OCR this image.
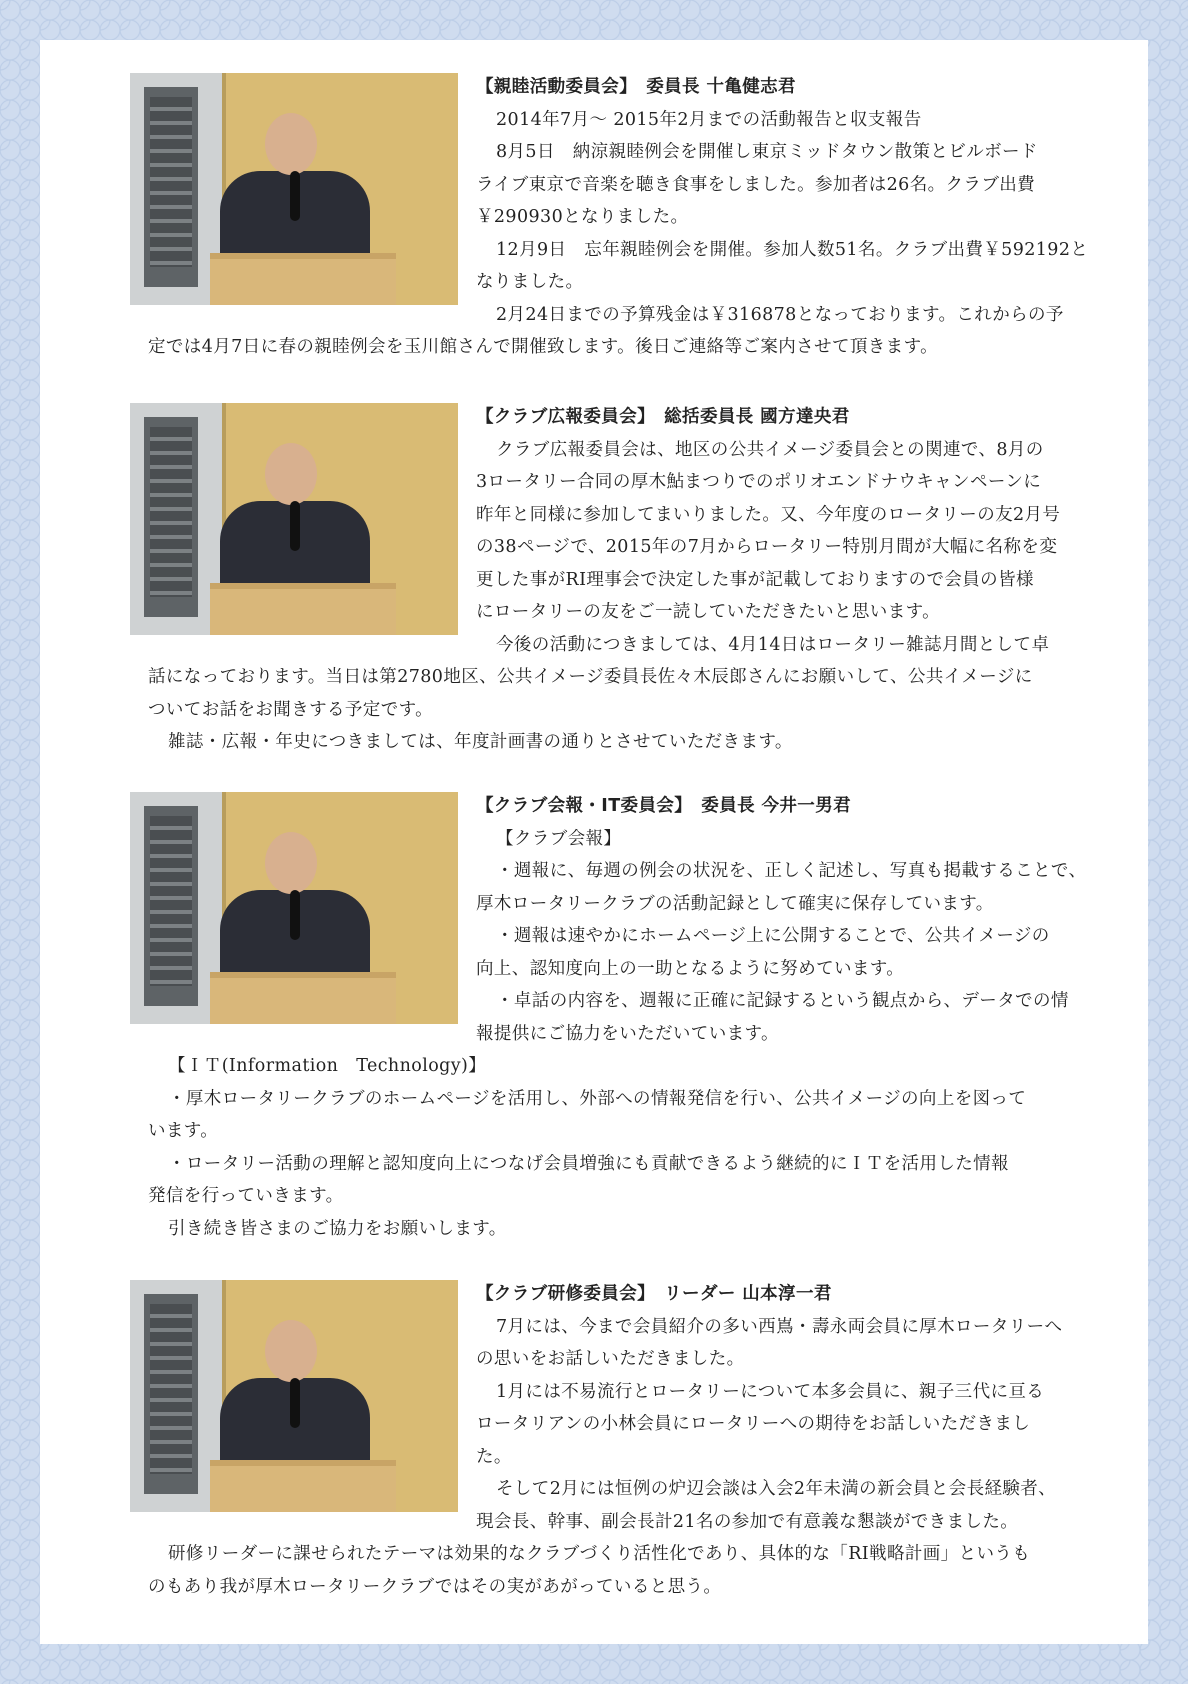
【親睦活動委員会】　委員長 十亀健志君

2014年7月～ 2015年2月までの活動報告と収支報告

8月5日　納涼親睦例会を開催し東京ミッドタウン散策とビルボード

ライブ東京で音楽を聴き食事をしました。参加者は26名。クラブ出費

￥290930となりました。

12月9日　忘年親睦例会を開催。参加人数51名。クラブ出費￥592192と

なりました。

2月24日までの予算残金は￥316878となっております。これからの予

定では4月7日に春の親睦例会を玉川館さんで開催致します。後日ご連絡等ご案内させて頂きます。

【クラブ広報委員会】　総括委員長 國方達央君

クラブ広報委員会は、地区の公共イメージ委員会との関連で、8月の

3ロータリー合同の厚木鮎まつりでのポリオエンドナウキャンペーンに

昨年と同様に参加してまいりました。又、今年度のロータリーの友2月号

の38ページで、2015年の7月からロータリー特別月間が大幅に名称を変

更した事がRI理事会で決定した事が記載しておりますので会員の皆様

にロータリーの友をご一読していただきたいと思います。

今後の活動につきましては、4月14日はロータリー雑誌月間として卓

話になっております。当日は第2780地区、公共イメージ委員長佐々木辰郎さんにお願いして、公共イメージに

ついてお話をお聞きする予定です。

雑誌・広報・年史につきましては、年度計画書の通りとさせていただきます。

【クラブ会報・IT委員会】　委員長 今井一男君

【クラブ会報】

・週報に、毎週の例会の状況を、正しく記述し、写真も掲載することで、

厚木ロータリークラブの活動記録として確実に保存しています。

・週報は速やかにホームページ上に公開することで、公共イメージの

向上、認知度向上の一助となるように努めています。

・卓話の内容を、週報に正確に記録するという観点から、データでの情

報提供にご協力をいただいています。

【ＩＴ(Information　Technology)】

・厚木ロータリークラブのホームページを活用し、外部への情報発信を行い、公共イメージの向上を図って

います。

・ロータリー活動の理解と認知度向上につなげ会員増強にも貢献できるよう継続的にＩＴを活用した情報

発信を行っていきます。

引き続き皆さまのご協力をお願いします。

【クラブ研修委員会】　リーダー 山本淳一君

7月には、今まで会員紹介の多い西嶌・壽永両会員に厚木ロータリーへ

の思いをお話しいただきました。

1月には不易流行とロータリーについて本多会員に、親子三代に亘る

ロータリアンの小林会員にロータリーへの期待をお話しいただきまし

た。

そして2月には恒例の炉辺会談は入会2年未満の新会員と会長経験者、

現会長、幹事、副会長計21名の参加で有意義な懇談ができました。

研修リーダーに課せられたテーマは効果的なクラブづくり活性化であり、具体的な「RI戦略計画」というも

のもあり我が厚木ロータリークラブではその実があがっていると思う。
